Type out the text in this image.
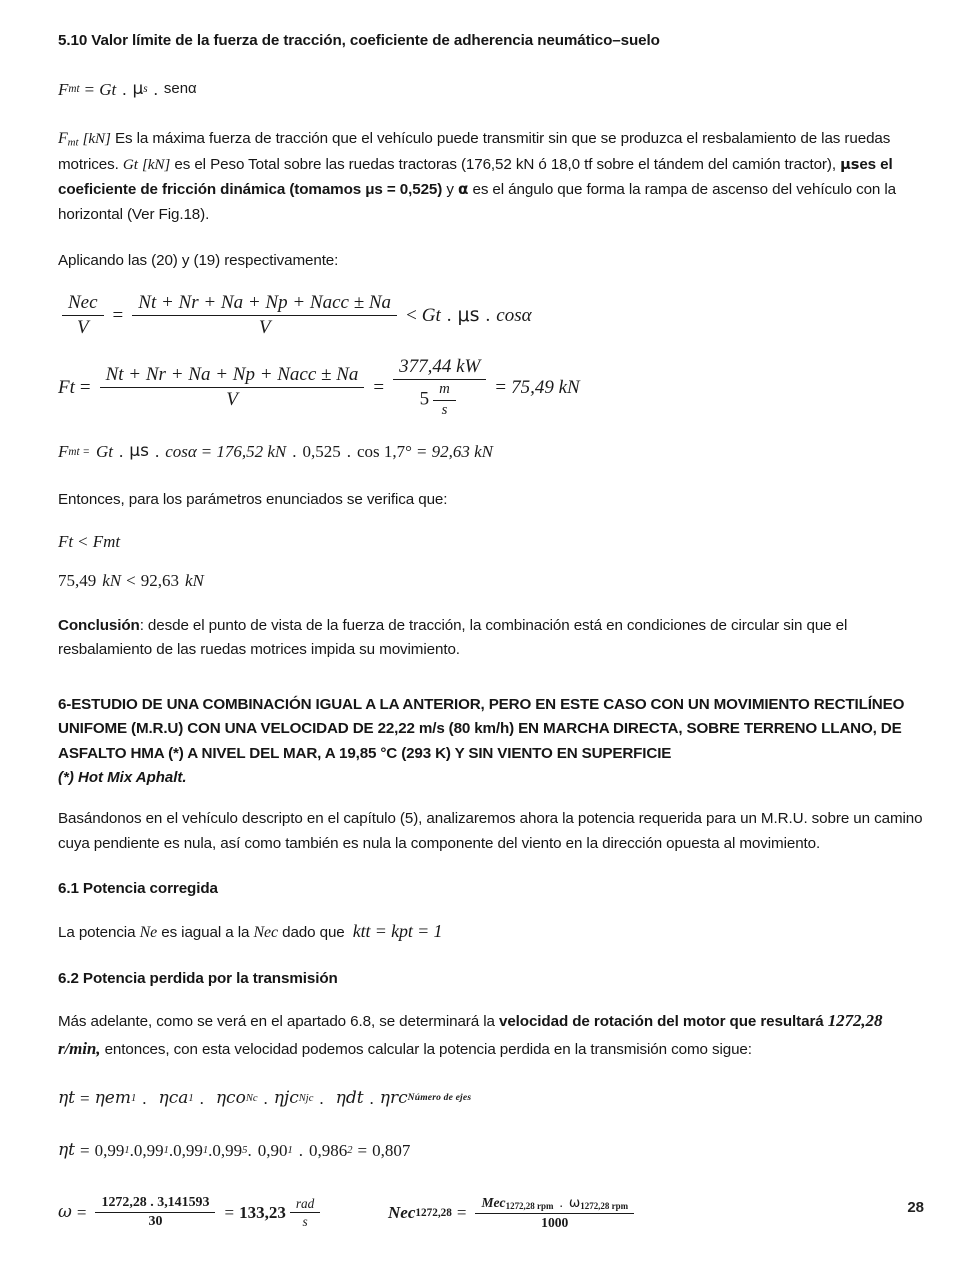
5.10 Valor límite de la fuerza de tracción, coeficiente de adherencia neumático–suelo
F mt = Gt . μ s . senα
Fmt [kN] Es la máxima fuerza de tracción que el vehículo puede transmitir sin que se produzca el resbalamiento de las ruedas motrices. Gt [kN] es el Peso Total sobre las ruedas tractoras (176,52 kN ó 18,0 tf sobre el tándem del camión tractor), μses el coeficiente de fricción dinámica (tomamos μs = 0,525) y α es el ángulo que forma la rampa de ascenso del vehículo con la horizontal (Ver Fig.18).
Aplicando las (20) y (19) respectivamente:
$\frac{\text{Nec}}{V} = \frac{\text{Nt + Nr + Na + Np + Nacc ± Na}}{V} < Gt$ . μs . cosα
$Ft = \frac{\text{Nt + Nr + Na + Np + Nacc ± Na}}{V} = \frac{377,44 kW}{5 \frac{m}{s}} = 75,49$ kN
F mt = Gt . μs . cosα = 176,52 kN . 0,525 . cos 1,7° = 92,63 kN
Entonces, para los parámetros enunciados se verifica que:
Ft < Fmt
75,49 kN < 92,63 kN
Conclusión: desde el punto de vista de la fuerza de tracción, la combinación está en condiciones de circular sin que el resbalamiento de las ruedas motrices impida su movimiento.
6-ESTUDIO DE UNA COMBINACIÓN IGUAL A LA ANTERIOR, PERO EN ESTE CASO CON UN MOVIMIENTO RECTILÍNEO UNIFOME (M.R.U) CON UNA VELOCIDAD DE 22,22 m/s (80 km/h) EN MARCHA DIRECTA, SOBRE TERRENO LLANO, DE ASFALTO HMA (*) A NIVEL DEL MAR, A 19,85 °C (293 K) Y SIN VIENTO EN SUPERFICIE
(*) Hot Mix Aphalt.
Basándonos en el vehículo descripto en el capítulo (5), analizaremos ahora la potencia requerida para un M.R.U. sobre un camino cuya pendiente es nula, así como también es nula la componente del viento en la dirección opuesta al movimiento.
6.1 Potencia corregida
La potencia Ne es iagual a la Nec dado que ktt = kpt = 1
6.2 Potencia perdida por la transmisión
Más adelante, como se verá en el apartado 6.8, se determinará la velocidad de rotación del motor que resultará 1272,28 r/min, entonces, con esta velocidad podemos calcular la potencia perdida en la transmisión como sigue:
ηt = ηem 1 . ηca 1 . ηco Nc . ηjc Njc . ηdt . ηrc Número de ejes
ηt = 0,99 1 . 0,99 1 . 0,99 1 . 0,99 5 . 0,90 1 . 0,986 2 = 0,807
$\omega = \frac{1272,28 . 3,141593}{30} = 133,23 \frac{\text{rad}}{s}$	Nec $1272,28 = \frac{\text{Mec1272,28 rpm . ω1272,28 rpm}}{1000}$	28
